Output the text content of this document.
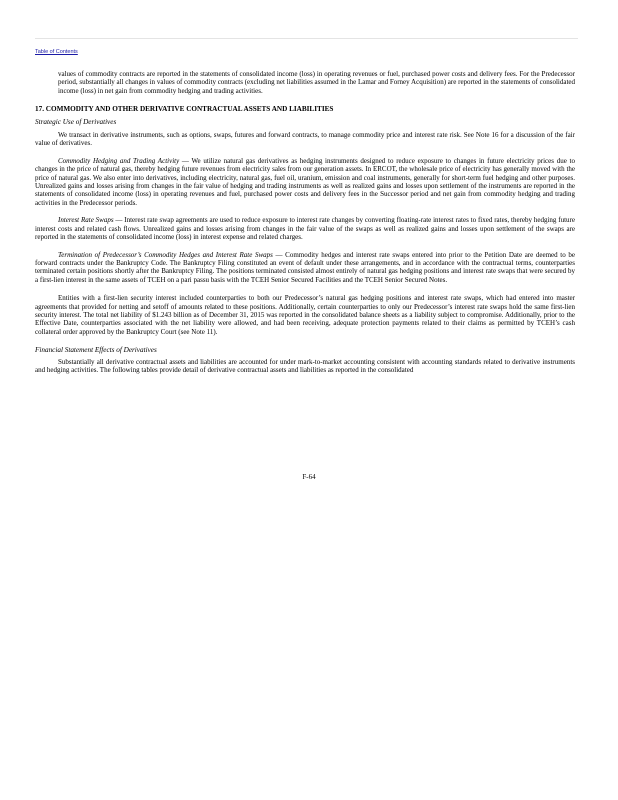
Table of Contents

values of commodity contracts are reported in the statements of consolidated income (loss) in operating revenues or fuel, purchased power costs and delivery fees. For the Predecessor period, substantially all changes in values of commodity contracts (excluding net liabilities assumed in the Lamar and Forney Acquisition) are reported in the statements of consolidated income (loss) in net gain from commodity hedging and trading activities.

17. COMMODITY AND OTHER DERIVATIVE CONTRACTUAL ASSETS AND LIABILITIES

Strategic Use of Derivatives

We transact in derivative instruments, such as options, swaps, futures and forward contracts, to manage commodity price and interest rate risk. See Note 16 for a discussion of the fair value of derivatives.

Commodity Hedging and Trading Activity — We utilize natural gas derivatives as hedging instruments designed to reduce exposure to changes in future electricity prices due to changes in the price of natural gas, thereby hedging future revenues from electricity sales from our generation assets. In ERCOT, the wholesale price of electricity has generally moved with the price of natural gas. We also enter into derivatives, including electricity, natural gas, fuel oil, uranium, emission and coal instruments, generally for short-term fuel hedging and other purposes. Unrealized gains and losses arising from changes in the fair value of hedging and trading instruments as well as realized gains and losses upon settlement of the instruments are reported in the statements of consolidated income (loss) in operating revenues and fuel, purchased power costs and delivery fees in the Successor period and net gain from commodity hedging and trading activities in the Predecessor periods.

Interest Rate Swaps — Interest rate swap agreements are used to reduce exposure to interest rate changes by converting floating-rate interest rates to fixed rates, thereby hedging future interest costs and related cash flows. Unrealized gains and losses arising from changes in the fair value of the swaps as well as realized gains and losses upon settlement of the swaps are reported in the statements of consolidated income (loss) in interest expense and related charges.

Termination of Predecessor’s Commodity Hedges and Interest Rate Swaps — Commodity hedges and interest rate swaps entered into prior to the Petition Date are deemed to be forward contracts under the Bankruptcy Code. The Bankruptcy Filing constituted an event of default under these arrangements, and in accordance with the contractual terms, counterparties terminated certain positions shortly after the Bankruptcy Filing. The positions terminated consisted almost entirely of natural gas hedging positions and interest rate swaps that were secured by a first-lien interest in the same assets of TCEH on a pari passu basis with the TCEH Senior Secured Facilities and the TCEH Senior Secured Notes.

Entities with a first-lien security interest included counterparties to both our Predecessor’s natural gas hedging positions and interest rate swaps, which had entered into master agreements that provided for netting and setoff of amounts related to these positions. Additionally, certain counterparties to only our Predecessor’s interest rate swaps hold the same first-lien security interest. The total net liability of $1.243 billion as of December 31, 2015 was reported in the consolidated balance sheets as a liability subject to compromise. Additionally, prior to the Effective Date, counterparties associated with the net liability were allowed, and had been receiving, adequate protection payments related to their claims as permitted by TCEH’s cash collateral order approved by the Bankruptcy Court (see Note 11).

Financial Statement Effects of Derivatives

Substantially all derivative contractual assets and liabilities are accounted for under mark-to-market accounting consistent with accounting standards related to derivative instruments and hedging activities. The following tables provide detail of derivative contractual assets and liabilities as reported in the consolidated

F-64
